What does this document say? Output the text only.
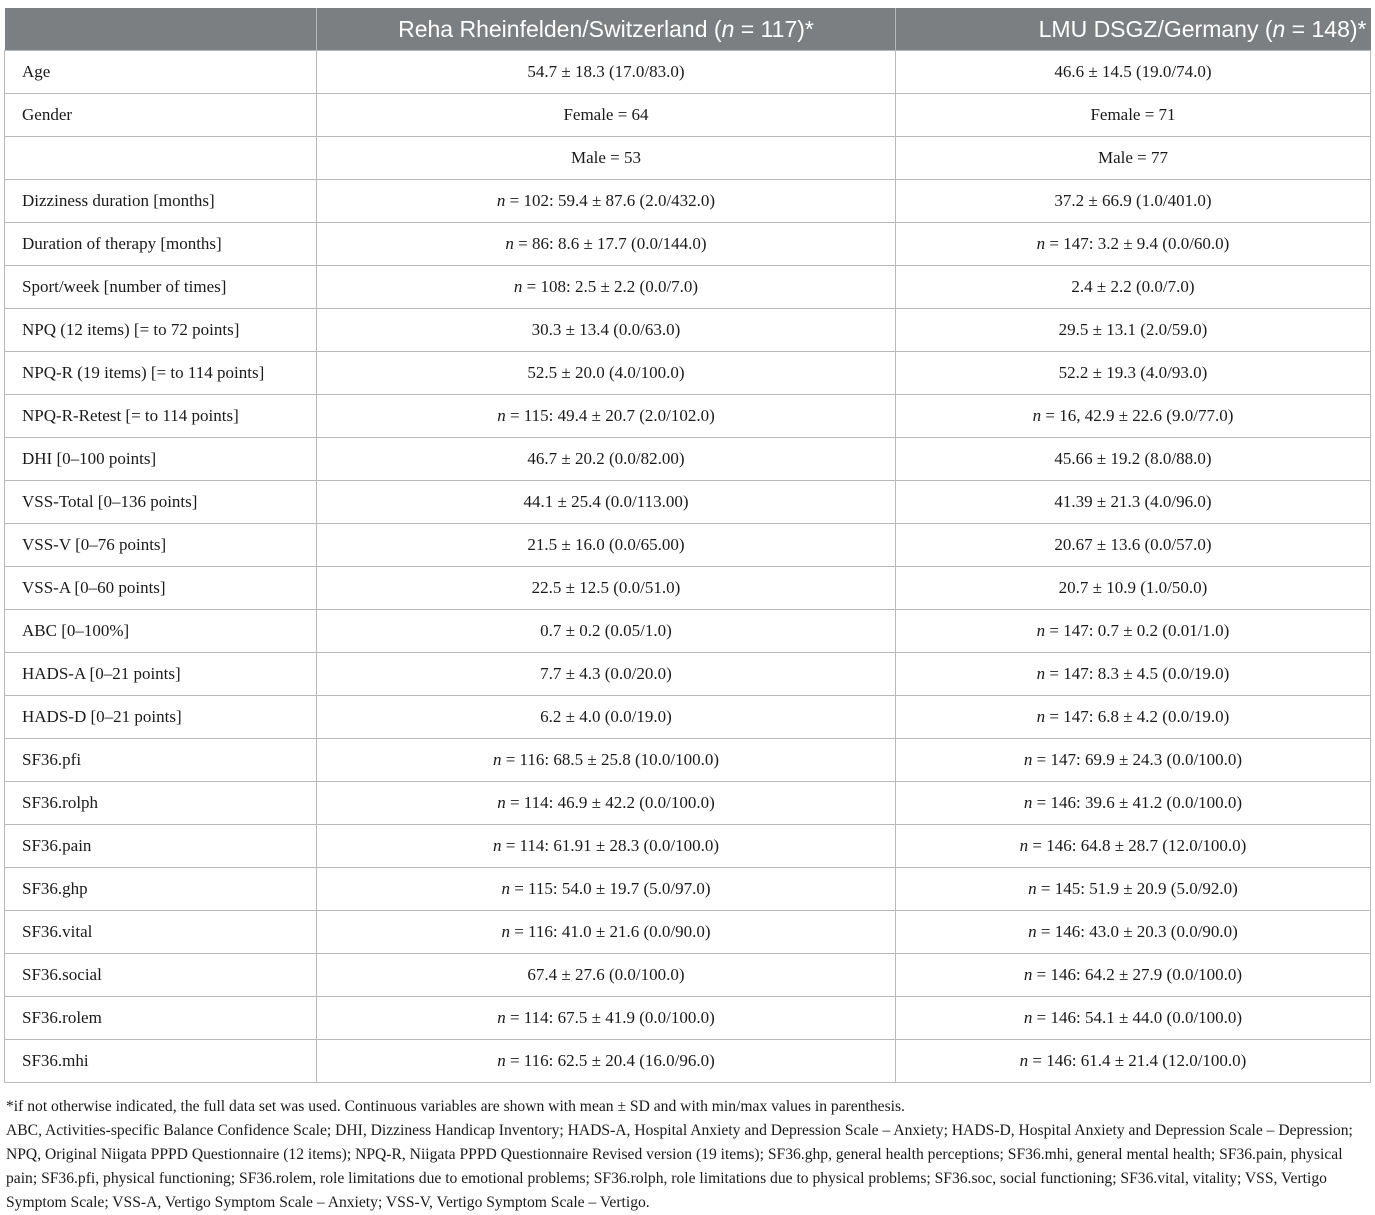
	Reha Rheinfelden/Switzerland (n = 117)*	LMU DSGZ/Germany (n = 148)*
Age	54.7 ± 18.3 (17.0/83.0)	46.6 ± 14.5 (19.0/74.0)
Gender	Female = 64	Female = 71
	Male = 53	Male = 77
Dizziness duration [months]	n = 102: 59.4 ± 87.6 (2.0/432.0)	37.2 ± 66.9 (1.0/401.0)
Duration of therapy [months]	n = 86: 8.6 ± 17.7 (0.0/144.0)	n = 147: 3.2 ± 9.4 (0.0/60.0)
Sport/week [number of times]	n = 108: 2.5 ± 2.2 (0.0/7.0)	2.4 ± 2.2 (0.0/7.0)
NPQ (12 items) [= to 72 points]	30.3 ± 13.4 (0.0/63.0)	29.5 ± 13.1 (2.0/59.0)
NPQ-R (19 items) [= to 114 points]	52.5 ± 20.0 (4.0/100.0)	52.2 ± 19.3 (4.0/93.0)
NPQ-R-Retest [= to 114 points]	n = 115: 49.4 ± 20.7 (2.0/102.0)	n = 16, 42.9 ± 22.6 (9.0/77.0)
DHI [0–100 points]	46.7 ± 20.2 (0.0/82.00)	45.66 ± 19.2 (8.0/88.0)
VSS-Total [0–136 points]	44.1 ± 25.4 (0.0/113.00)	41.39 ± 21.3 (4.0/96.0)
VSS-V [0–76 points]	21.5 ± 16.0 (0.0/65.00)	20.67 ± 13.6 (0.0/57.0)
VSS-A [0–60 points]	22.5 ± 12.5 (0.0/51.0)	20.7 ± 10.9 (1.0/50.0)
ABC [0–100%]	0.7 ± 0.2 (0.05/1.0)	n = 147: 0.7 ± 0.2 (0.01/1.0)
HADS-A [0–21 points]	7.7 ± 4.3 (0.0/20.0)	n = 147: 8.3 ± 4.5 (0.0/19.0)
HADS-D [0–21 points]	6.2 ± 4.0 (0.0/19.0)	n = 147: 6.8 ± 4.2 (0.0/19.0)
SF36.pfi	n = 116: 68.5 ± 25.8 (10.0/100.0)	n = 147: 69.9 ± 24.3 (0.0/100.0)
SF36.rolph	n = 114: 46.9 ± 42.2 (0.0/100.0)	n = 146: 39.6 ± 41.2 (0.0/100.0)
SF36.pain	n = 114: 61.91 ± 28.3 (0.0/100.0)	n = 146: 64.8 ± 28.7 (12.0/100.0)
SF36.ghp	n = 115: 54.0 ± 19.7 (5.0/97.0)	n = 145: 51.9 ± 20.9 (5.0/92.0)
SF36.vital	n = 116: 41.0 ± 21.6 (0.0/90.0)	n = 146: 43.0 ± 20.3 (0.0/90.0)
SF36.social	67.4 ± 27.6 (0.0/100.0)	n = 146: 64.2 ± 27.9 (0.0/100.0)
SF36.rolem	n = 114: 67.5 ± 41.9 (0.0/100.0)	n = 146: 54.1 ± 44.0 (0.0/100.0)
SF36.mhi	n = 116: 62.5 ± 20.4 (16.0/96.0)	n = 146: 61.4 ± 21.4 (12.0/100.0)

*if not otherwise indicated, the full data set was used. Continuous variables are shown with mean ± SD and with min/max values in parenthesis.

ABC, Activities-specific Balance Confidence Scale; DHI, Dizziness Handicap Inventory; HADS-A, Hospital Anxiety and Depression Scale – Anxiety; HADS-D, Hospital Anxiety and Depression Scale – Depression; NPQ, Original Niigata PPPD Questionnaire (12 items); NPQ-R, Niigata PPPD Questionnaire Revised version (19 items); SF36.ghp, general health perceptions; SF36.mhi, general mental health; SF36.pain, physical pain; SF36.pfi, physical functioning; SF36.rolem, role limitations due to emotional problems; SF36.rolph, role limitations due to physical problems; SF36.soc, social functioning; SF36.vital, vitality; VSS, Vertigo Symptom Scale; VSS-A, Vertigo Symptom Scale – Anxiety; VSS-V, Vertigo Symptom Scale – Vertigo.
